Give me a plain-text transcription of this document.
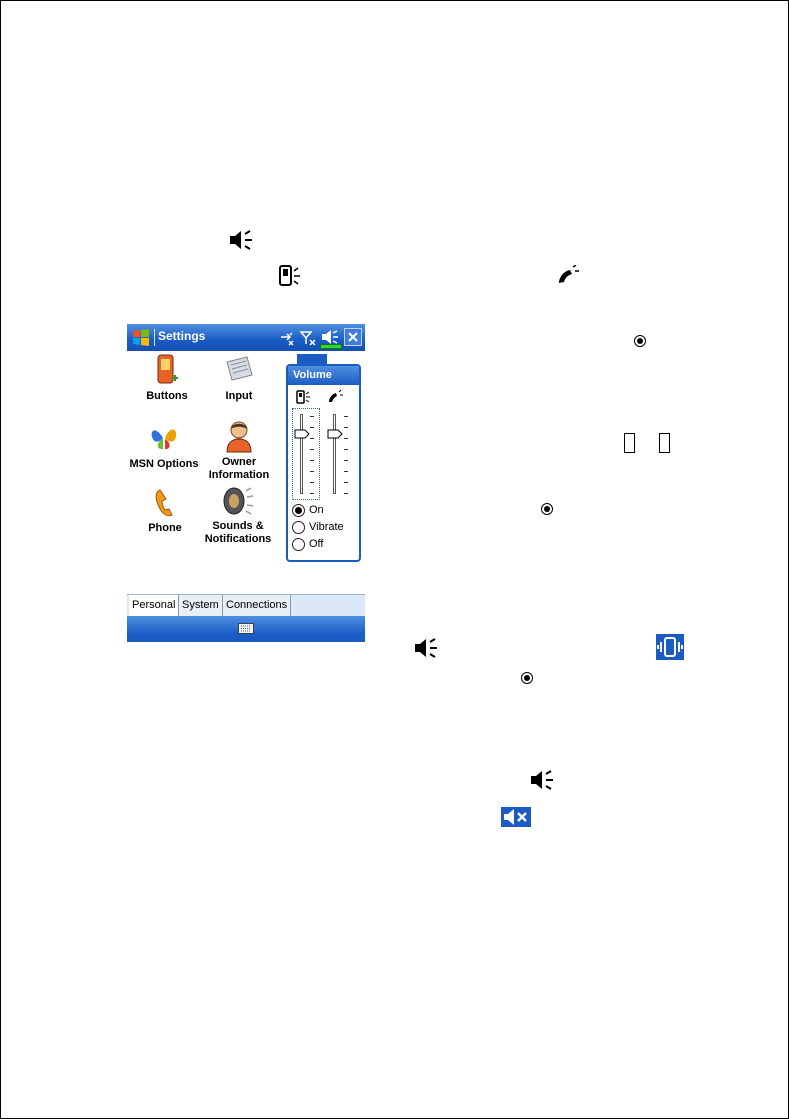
Settings
Buttons	Input
MSN Options	Owner Information
Phone	Sounds & Notifications
Volume
On
Vibrate
Off
Personal System Connections
